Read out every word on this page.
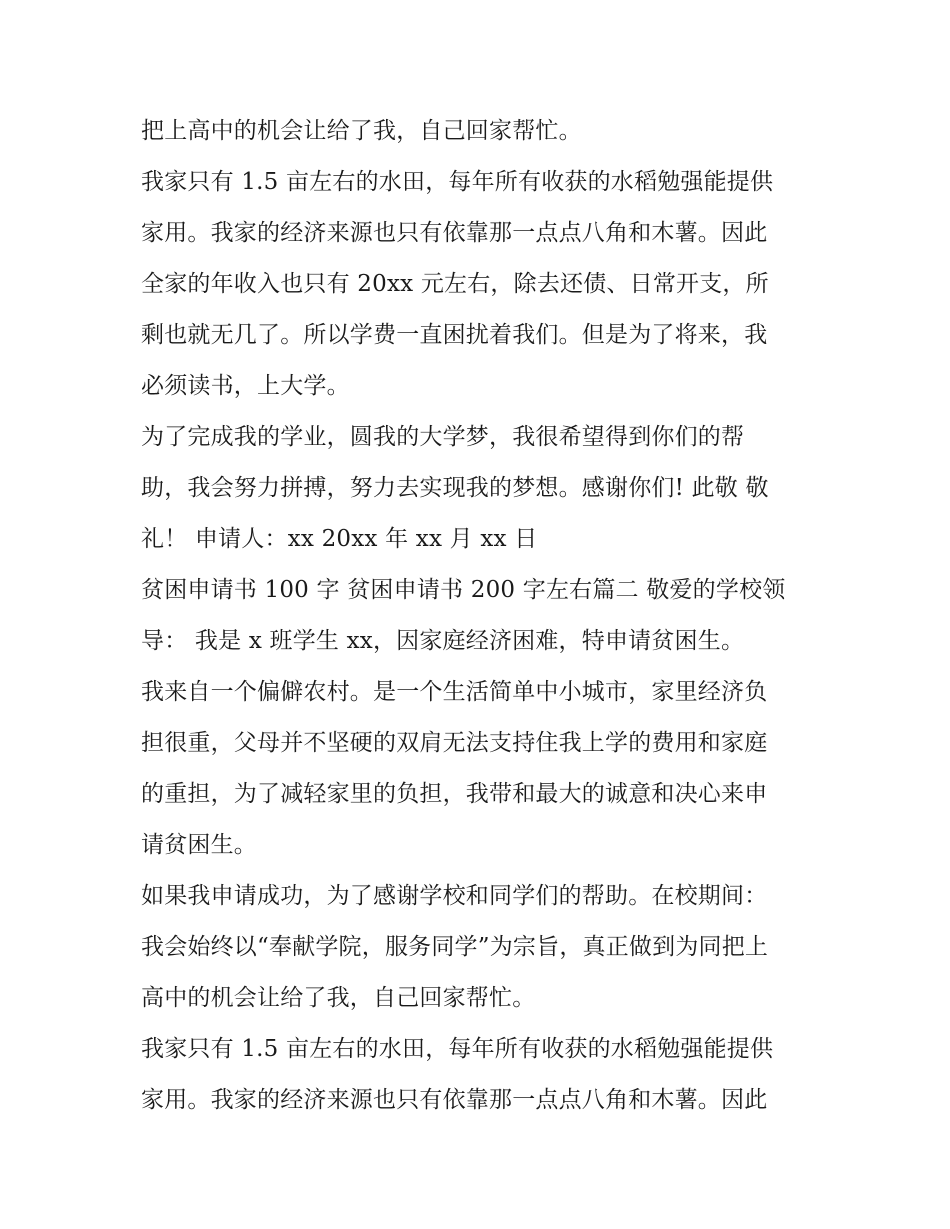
把上高中的机会让给了我，自己回家帮忙。
我家只有 1.5 亩左右的水田，每年所有收获的水稻勉强能提供
家用。我家的经济来源也只有依靠那一点点八角和木薯。因此
全家的年收入也只有 20xx 元左右，除去还债、日常开支，所
剩也就无几了。所以学费一直困扰着我们。但是为了将来，我
必须读书，上大学。
为了完成我的学业，圆我的大学梦，我很希望得到你们的帮
助，我会努力拼搏，努力去实现我的梦想。感谢你们! 此敬 敬
礼！ 申请人：xx 20xx 年 xx 月 xx 日
贫困申请书 100 字 贫困申请书 200 字左右篇二 敬爱的学校领
导： 我是 x 班学生 xx，因家庭经济困难，特申请贫困生。
我来自一个偏僻农村。是一个生活简单中小城市，家里经济负
担很重，父母并不坚硬的双肩无法支持住我上学的费用和家庭
的重担，为了减轻家里的负担，我带和最大的诚意和决心来申
请贫困生。
如果我申请成功，为了感谢学校和同学们的帮助。在校期间：
我会始终以“奉献学院，服务同学”为宗旨，真正做到为同把上
高中的机会让给了我，自己回家帮忙。
我家只有 1.5 亩左右的水田，每年所有收获的水稻勉强能提供
家用。我家的经济来源也只有依靠那一点点八角和木薯。因此
